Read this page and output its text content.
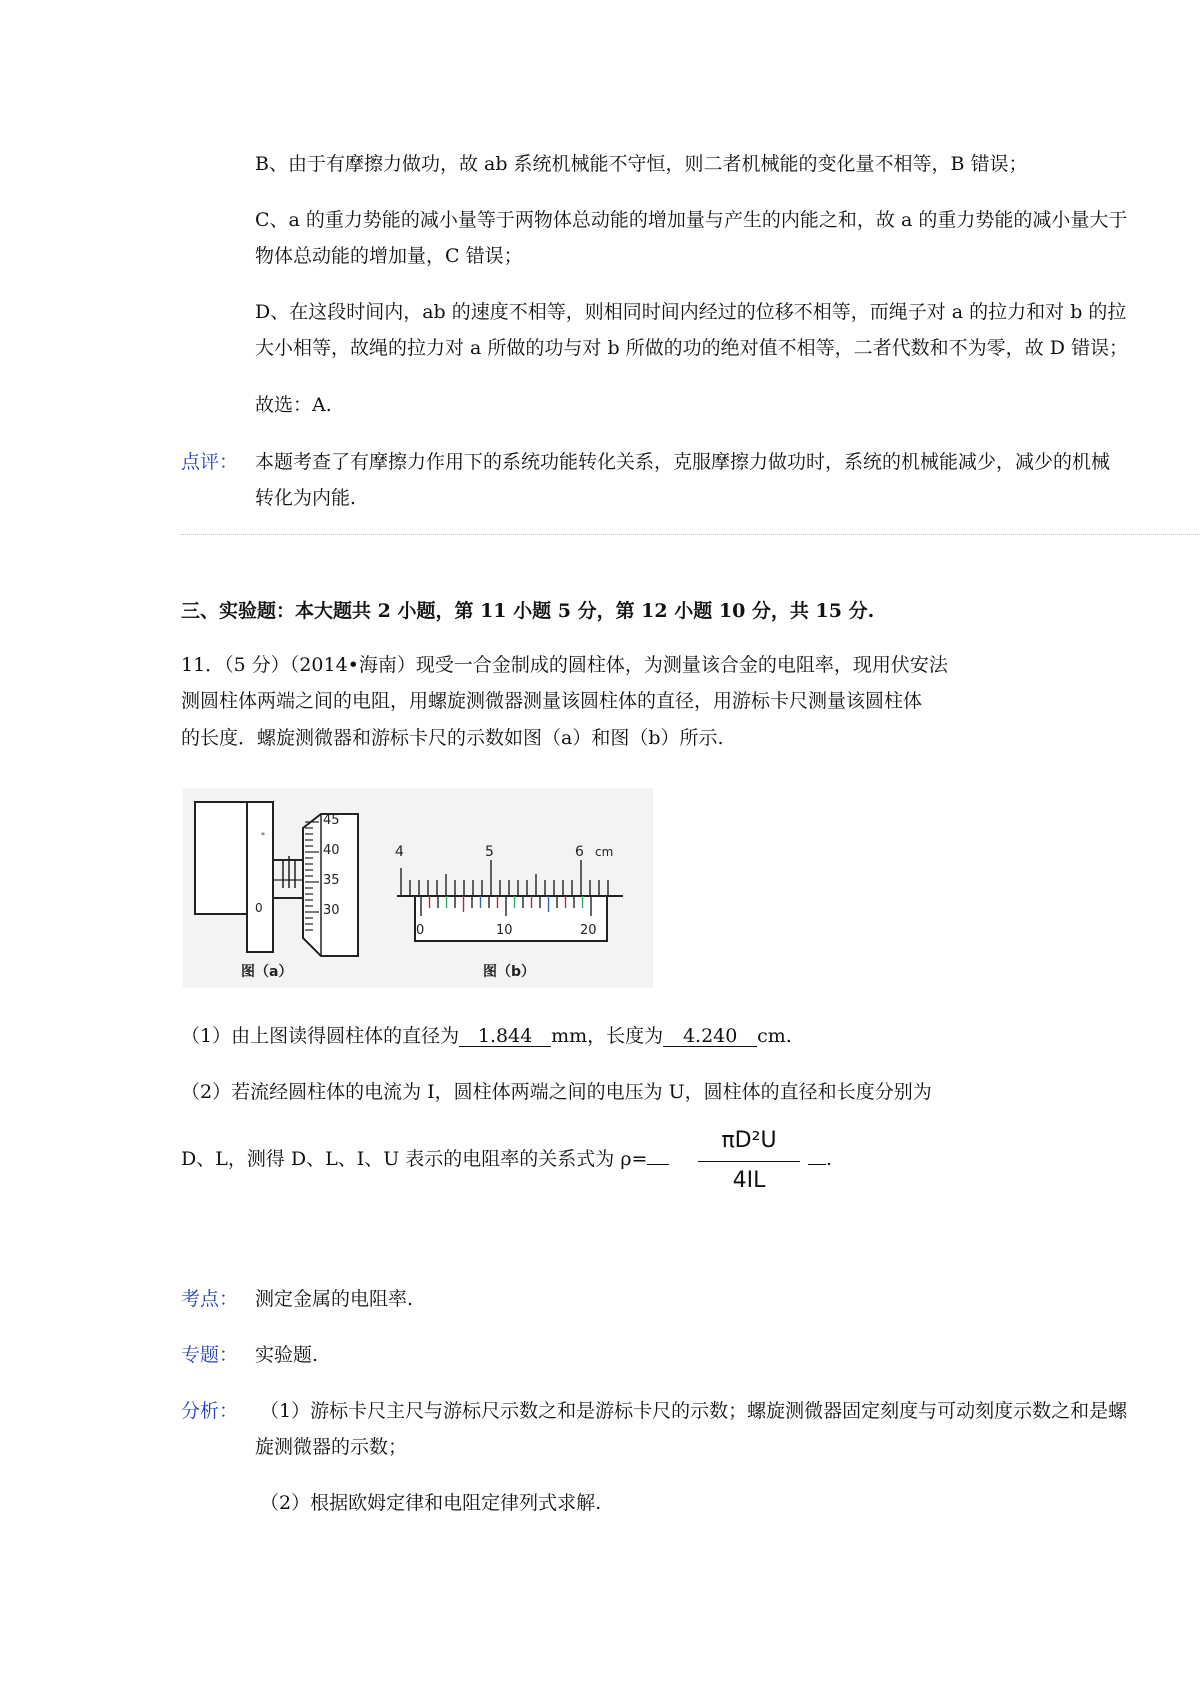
B、由于有摩擦力做功，故 ab 系统机械能不守恒，则二者机械能的变化量不相等，B 错误；
C、a 的重力势能的减小量等于两物体总动能的增加量与产生的内能之和，故 a 的重力势能的减小量大于
物体总动能的增加量，C 错误；
D、在这段时间内，ab 的速度不相等，则相同时间内经过的位移不相等，而绳子对 a 的拉力和对 b 的拉
大小相等，故绳的拉力对 a 所做的功与对 b 所做的功的绝对值不相等，二者代数和不为零，故 D 错误；
故选：A.
点评： 本题考查了有摩擦力作用下的系统功能转化关系，克服摩擦力做功时，系统的机械能减少，减少的机械
转化为内能.
三、实验题：本大题共 2 小题，第 11 小题 5 分，第 12 小题 10 分，共 15 分.
11．（5 分）（2014•海南）现受一合金制成的圆柱体，为测量该合金的电阻率，现用伏安法
测圆柱体两端之间的电阻，用螺旋测微器测量该圆柱体的直径，用游标卡尺测量该圆柱体
的长度．螺旋测微器和游标卡尺的示数如图（a）和图（b）所示.
*
45
40
35
30
0
4	5	6 cm
0	10	20
图（a）	图（b）
（1）由上图读得圆柱体的直径为 1.844 mm，长度为 4.240 cm.
（2）若流经圆柱体的电流为 I，圆柱体两端之间的电压为 U，圆柱体的直径和长度分别为
D、L，测得 D、L、I、U 表示的电阻率的关系式为 ρ=
πD²U
4IL
.
考点： 测定金属的电阻率.
专题： 实验题.
分析： （1）游标卡尺主尺与游标尺示数之和是游标卡尺的示数；螺旋测微器固定刻度与可动刻度示数之和是螺
旋测微器的示数；
（2）根据欧姆定律和电阻定律列式求解.
